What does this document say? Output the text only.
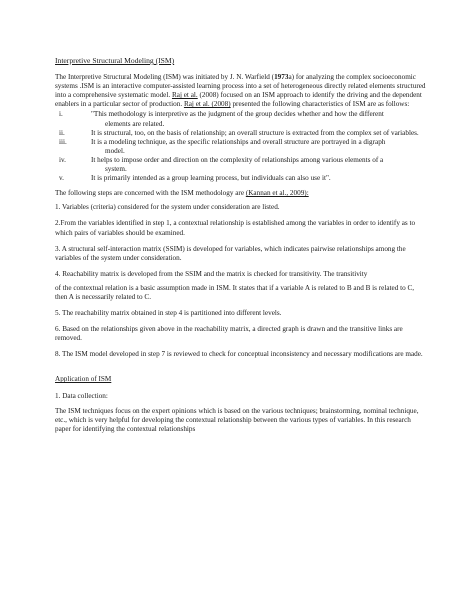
Interpretive Structural Modeling (ISM)

The Interpretive Structural Modeling (ISM) was initiated by J. N. Warfield (1973a) for analyzing the complex socioeconomic systems .ISM is an interactive computer-assisted learning process into a set of heterogeneous directly related elements structured into a comprehensive systematic model. Raj et al. (2008) focused on an ISM approach to identify the driving and the dependent enablers in a particular sector of production. Raj et al. (2008) presented the following characteristics of ISM are as follows:

i.	"This methodology is interpretive as the judgment of the group decides whether and how the different
elements are related.
ii.	It is structural, too, on the basis of relationship; an overall structure is extracted from the complex set of variables.
iii.	It is a modeling technique, as the specific relationships and overall structure are portrayed in a digraph
model.
iv.	It helps to impose order and direction on the complexity of relationships among various elements of a
system.
v.	It is primarily intended as a group learning process, but individuals can also use it".

The following steps are concerned with the ISM methodology are (Kannan et al., 2009):

1. Variables (criteria) considered for the system under consideration are listed.

2.From the variables identified in step 1, a contextual relationship is established among the variables in order to identify as to which pairs of variables should be examined.

3. A structural self-interaction matrix (SSIM) is developed for variables, which indicates pairwise relationships among the variables of the system under consideration.

4. Reachability matrix is developed from the SSIM and the matrix is checked for transitivity. The transitivity

of the contextual relation is a basic assumption made in ISM. It states that if a variable A is related to B and B is related to C, then A is necessarily related to C.

5. The reachability matrix obtained in step 4 is partitioned into different levels.

6. Based on the relationships given above in the reachability matrix, a directed graph is drawn and the transitive links are removed.

8. The ISM model developed in step 7 is reviewed to check for conceptual inconsistency and necessary modifications are made.

Application of ISM

1. Data collection:

The ISM techniques focus on the expert opinions which is based on the various techniques; brainstorming, nominal technique, etc., which is very helpful for developing the contextual relationship between the various types of variables. In this research paper for identifying the contextual relationships
